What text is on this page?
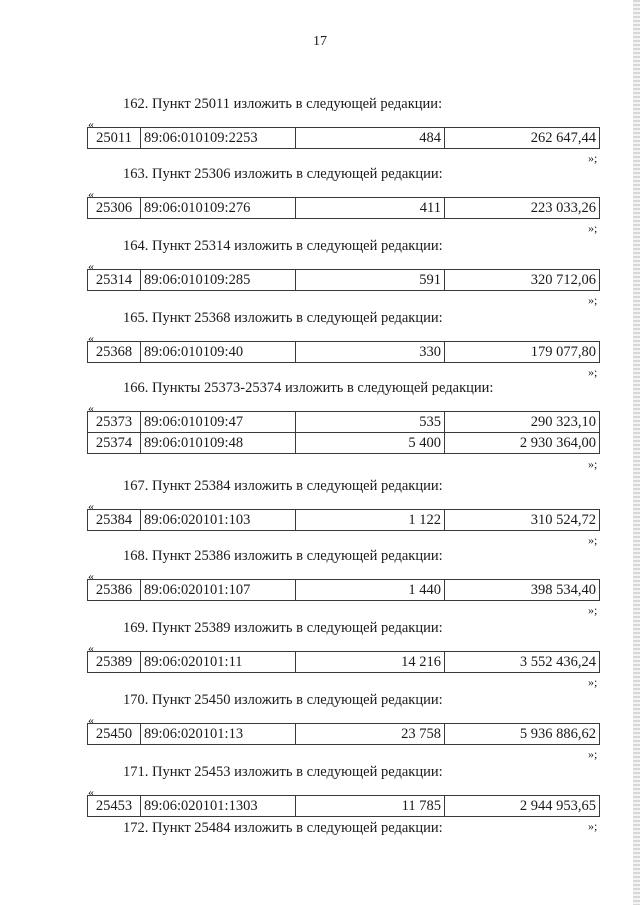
17
162. Пункт 25011 изложить в следующей редакции:
«
25011	89:06:010109:2253	484	262 647,44
»;
163. Пункт 25306 изложить в следующей редакции:
«
25306	89:06:010109:276	411	223 033,26
»;
164. Пункт 25314 изложить в следующей редакции:
«
25314	89:06:010109:285	591	320 712,06
»;
165. Пункт 25368 изложить в следующей редакции:
«
25368	89:06:010109:40	330	179 077,80
»;
166. Пункты 25373-25374 изложить в следующей редакции:
«
25373	89:06:010109:47	535	290 323,10
25374	89:06:010109:48	5 400	2 930 364,00
»;
167. Пункт 25384 изложить в следующей редакции:
«
25384	89:06:020101:103	1 122	310 524,72
»;
168. Пункт 25386 изложить в следующей редакции:
«
25386	89:06:020101:107	1 440	398 534,40
»;
169. Пункт 25389 изложить в следующей редакции:
«
25389	89:06:020101:11	14 216	3 552 436,24
»;
170. Пункт 25450 изложить в следующей редакции:
«
25450	89:06:020101:13	23 758	5 936 886,62
»;
171. Пункт 25453 изложить в следующей редакции:
«
25453	89:06:020101:1303	11 785	2 944 953,65
»;
172. Пункт 25484 изложить в следующей редакции:
